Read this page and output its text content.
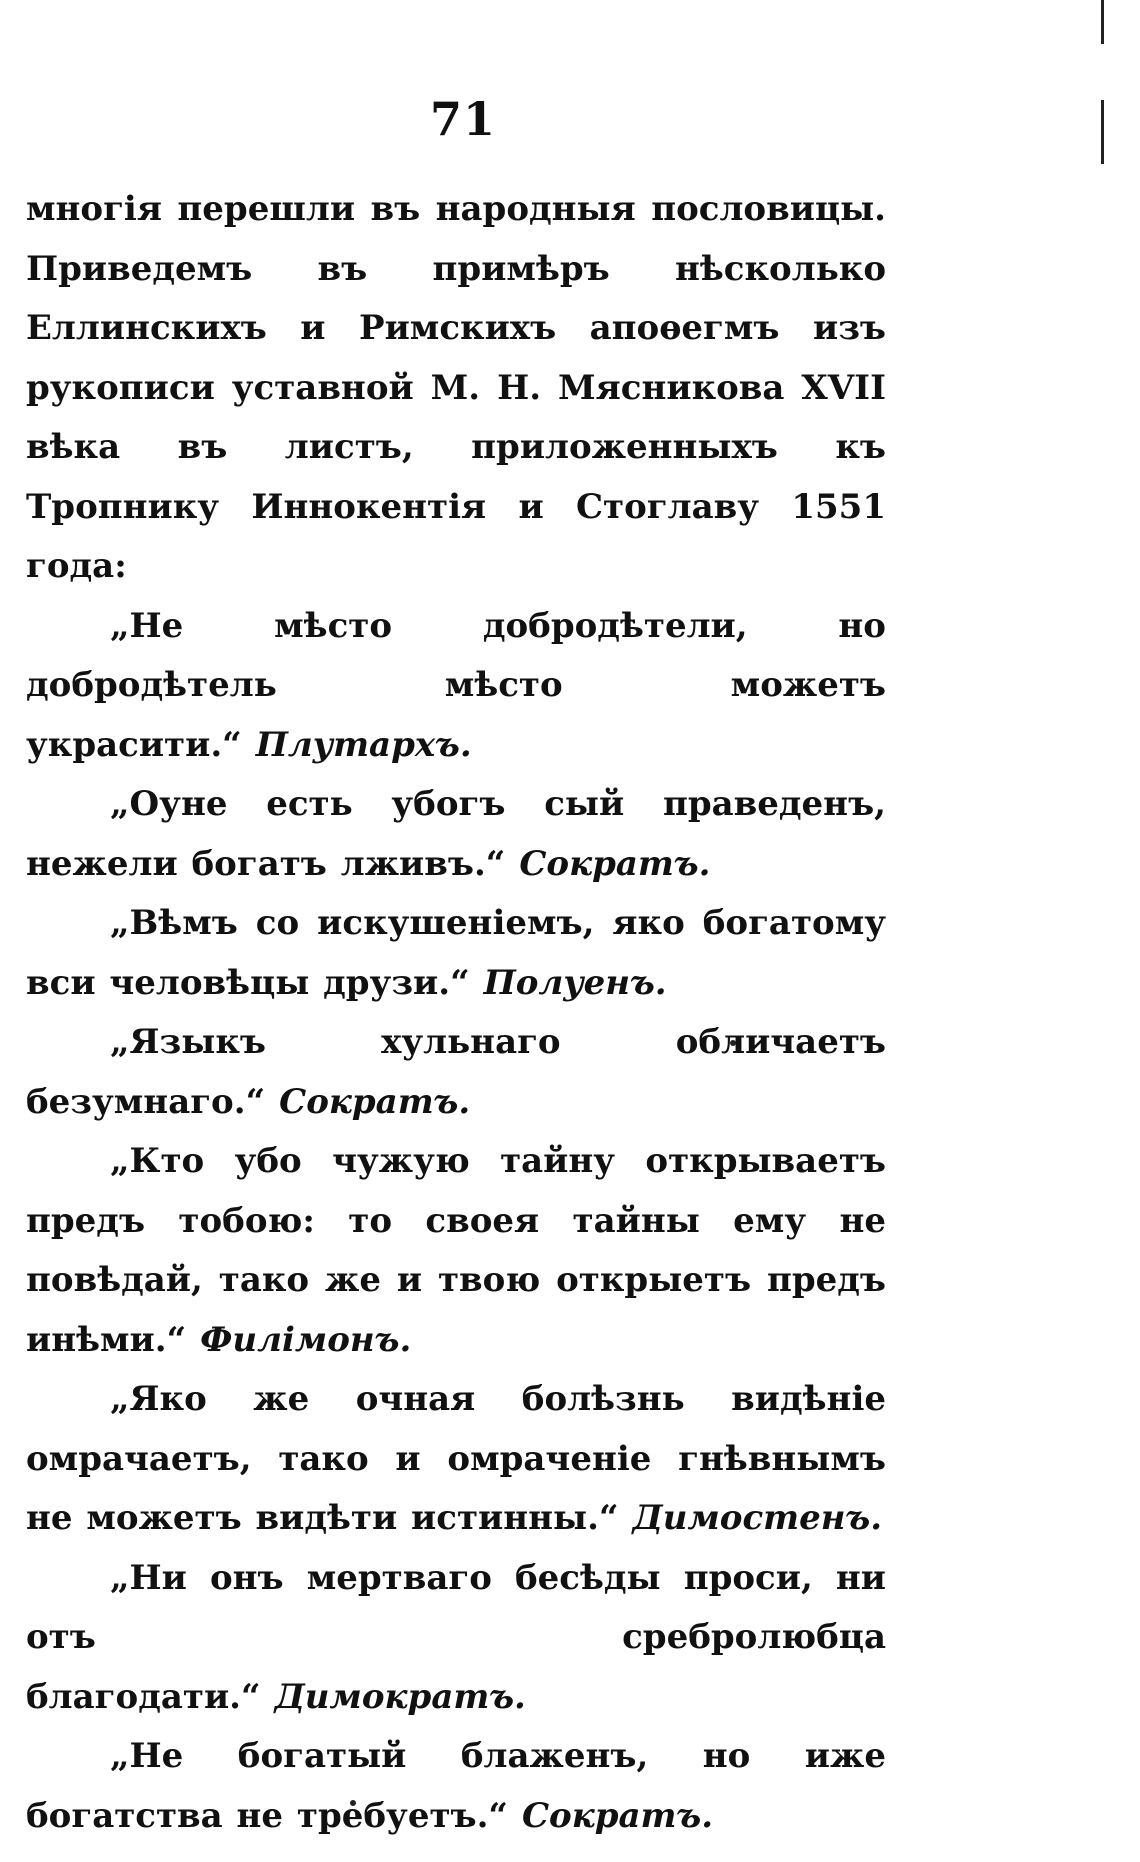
71

многія перешли въ народныя пословицы. Приведемъ въ примѣръ нѣсколько Еллинскихъ и Римскихъ апоѳегмъ изъ рукописи уставной М. Н. Мясникова XVII вѣка въ листъ, приложенныхъ къ Тропнику Иннокентія и Стоглаву 1551 года:

„Не мѣсто добродѣтели, но добродѣтель мѣсто можетъ украсити.“ Плутархъ.

„Оуне есть убогъ сый праведенъ, нежели богатъ лживъ.“ Сократъ.

„Вѣмъ со искушеніемъ, яко богатому вси человѣцы друзи.“ Полуенъ.

„Языкъ хульнаго обличаетъ безумнаго.“ Сократъ.

„Кто убо чужую тайну открываетъ предъ тобою: то своея тайны ему не повѣдай, тако же и твою открыетъ предъ инѣми.“ Филімонъ.

„Яко же очная болѣзнь видѣніе омрачаетъ, тако и омраченіе гнѣвнымъ не можетъ видѣти истинны.“ Димостенъ.

„Ни онъ мертваго бесѣды проси, ни отъ сребролюбца благодати.“ Димократъ.

„Не богатый блаженъ, но иже богатства не требуетъ.“ Сократъ.
